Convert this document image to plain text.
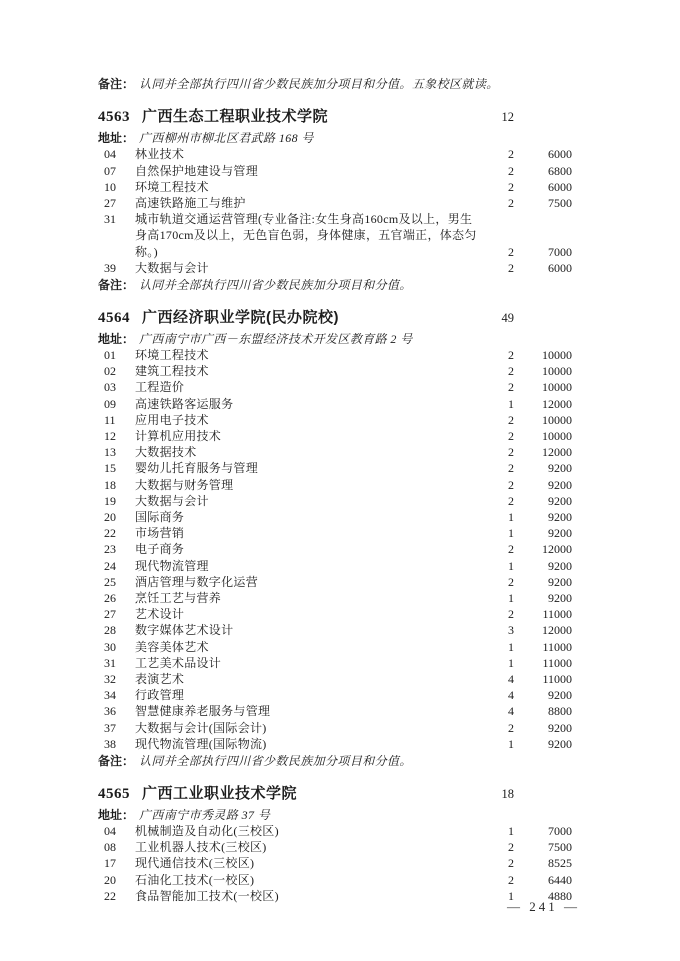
备注： 认同并全部执行四川省少数民族加分项目和分值。五象校区就读。
4563 广西生态工程职业技术学院	12
地址： 广西柳州市柳北区君武路 168 号
04	林业技术	2	6000
07	自然保护地建设与管理	2	6800
10	环境工程技术	2	6000
27	高速铁路施工与维护	2	7500
31	城市轨道交通运营管理(专业备注:女生身高160cm及以上，男生身高170cm及以上，无色盲色弱，身体健康，五官端正，体态匀称。)	2	7000
39	大数据与会计	2	6000
备注： 认同并全部执行四川省少数民族加分项目和分值。
4564 广西经济职业学院(民办院校)	49
地址： 广西南宁市广西－东盟经济技术开发区教育路 2 号
01	环境工程技术	2	10000
02	建筑工程技术	2	10000
03	工程造价	2	10000
09	高速铁路客运服务	1	12000
11	应用电子技术	2	10000
12	计算机应用技术	2	10000
13	大数据技术	2	12000
15	婴幼儿托育服务与管理	2	9200
18	大数据与财务管理	2	9200
19	大数据与会计	2	9200
20	国际商务	1	9200
22	市场营销	1	9200
23	电子商务	2	12000
24	现代物流管理	1	9200
25	酒店管理与数字化运营	2	9200
26	烹饪工艺与营养	1	9200
27	艺术设计	2	11000
28	数字媒体艺术设计	3	12000
30	美容美体艺术	1	11000
31	工艺美术品设计	1	11000
32	表演艺术	4	11000
34	行政管理	4	9200
36	智慧健康养老服务与管理	4	8800
37	大数据与会计(国际会计)	2	9200
38	现代物流管理(国际物流)	1	9200
备注： 认同并全部执行四川省少数民族加分项目和分值。
4565 广西工业职业技术学院	18
地址： 广西南宁市秀灵路 37 号
04	机械制造及自动化(三校区)	1	7000
08	工业机器人技术(三校区)	2	7500
17	现代通信技术(三校区)	2	8525
20	石油化工技术(一校区)	2	6440
22	食品智能加工技术(一校区)	1	4880
— 241 —
